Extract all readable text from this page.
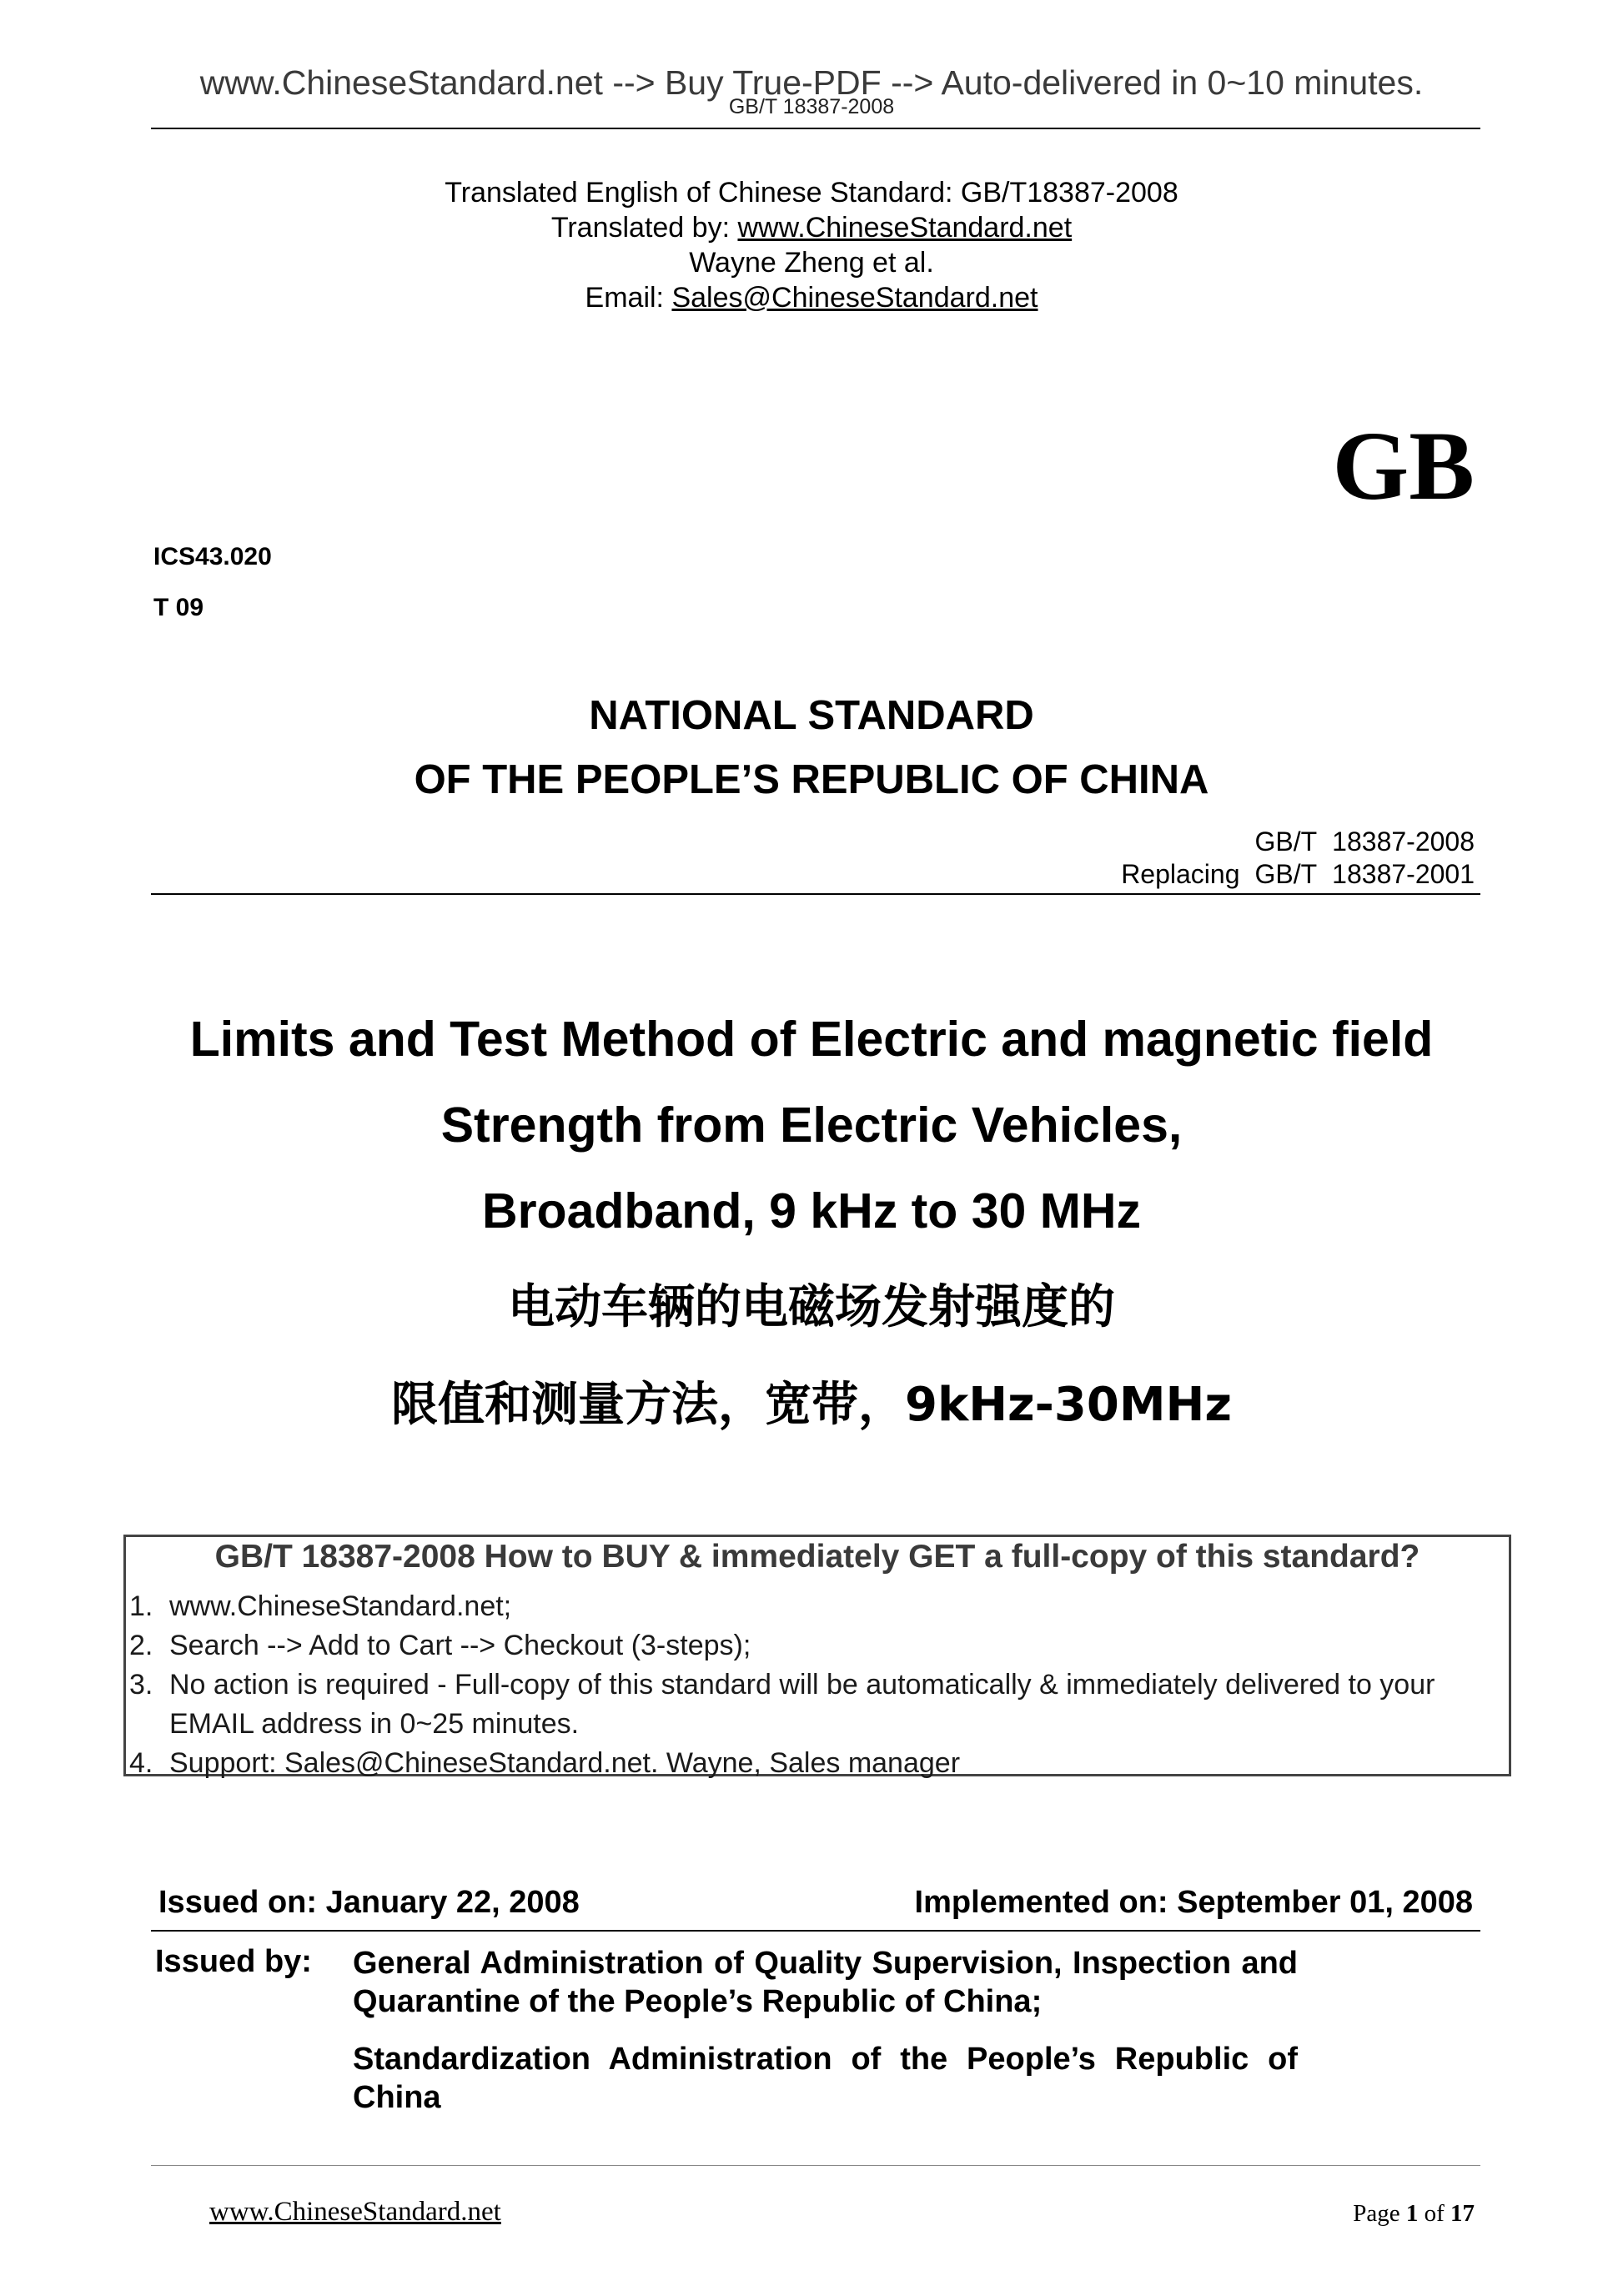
www.ChineseStandard.net --> Buy True-PDF --> Auto-delivered in 0~10 minutes.
GB/T 18387-2008
Translated English of Chinese Standard: GB/T18387-2008
Translated by: www.ChineseStandard.net
Wayne Zheng et al.
Email: Sales@ChineseStandard.net
GB
ICS43.020
T 09
NATIONAL STANDARD
OF THE PEOPLE’S REPUBLIC OF CHINA
GB/T 18387-2008
Replacing GB/T 18387-2001
Limits and Test Method of Electric and magnetic field
Strength from Electric Vehicles,
Broadband, 9 kHz to 30 MHz
电动车辆的电磁场发射强度的
限值和测量方法，宽带，9kHz-30MHz
GB/T 18387-2008 How to BUY & immediately GET a full-copy of this standard?
1. www.ChineseStandard.net;
2. Search --> Add to Cart --> Checkout (3-steps);
3. No action is required - Full-copy of this standard will be automatically & immediately delivered to your EMAIL address in 0~25 minutes.
4. Support: Sales@ChineseStandard.net. Wayne, Sales manager
Issued on: January 22, 2008	Implemented on: September 01, 2008
Issued by: General Administration of Quality Supervision, Inspection and Quarantine of the People’s Republic of China;
Standardization Administration of the People’s Republic of China
www.ChineseStandard.net	Page 1 of 17
